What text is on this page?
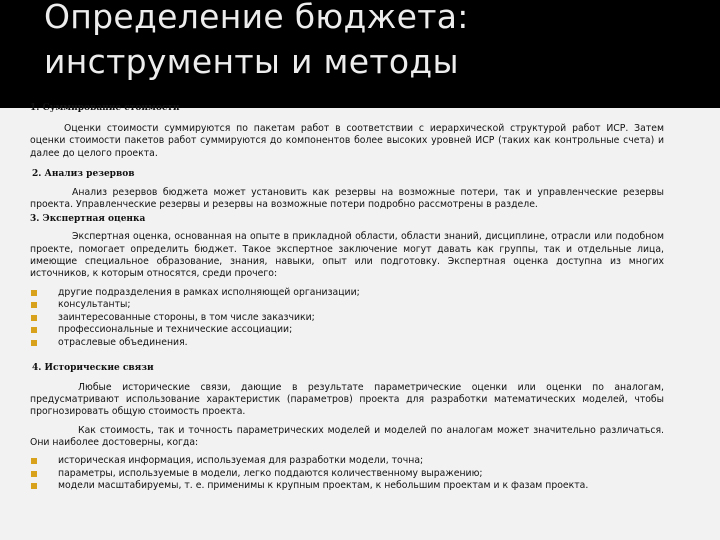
Определение бюджета:
инструменты и методы
1. Суммирование стоимости

Оценки стоимости суммируются по пакетам работ в соответствии с иерархической структурой работ ИСР. Затем оценки стоимости пакетов работ суммируются до компонентов более высоких уровней ИСР (таких как контрольные счета) и далее до целого проекта.

2. Анализ резервов

Анализ резервов бюджета может установить как резервы на возможные потери, так и управленческие резервы проекта. Управленческие резервы и резервы на возможные потери подробно рассмотрены в разделе.

3. Экспертная оценка

Экспертная оценка, основанная на опыте в прикладной области, области знаний, дисциплине, отрасли или подобном проекте, помогает определить бюджет. Такое экспертное заключение могут давать как группы, так и отдельные лица, имеющие специальное образование, знания, навыки, опыт или подготовку. Экспертная оценка доступна из многих источников, к которым относятся, среди прочего:

другие подразделения в рамках исполняющей организации;
консультанты;
заинтересованные стороны, в том числе заказчики;
профессиональные и технические ассоциации;
отраслевые объединения.
4. Исторические связи

Любые исторические связи, дающие в результате параметрические оценки или оценки по аналогам, предусматривают использование характеристик (параметров) проекта для разработки математических моделей, чтобы прогнозировать общую стоимость проекта.

Как стоимость, так и точность параметрических моделей и моделей по аналогам может значительно различаться. Они наиболее достоверны, когда:

историческая информация, используемая для разработки модели, точна;
параметры, используемые в модели, легко поддаются количественному выражению;
модели масштабируемы, т. е. применимы к крупным проектам, к небольшим проектам и к фазам проекта.
